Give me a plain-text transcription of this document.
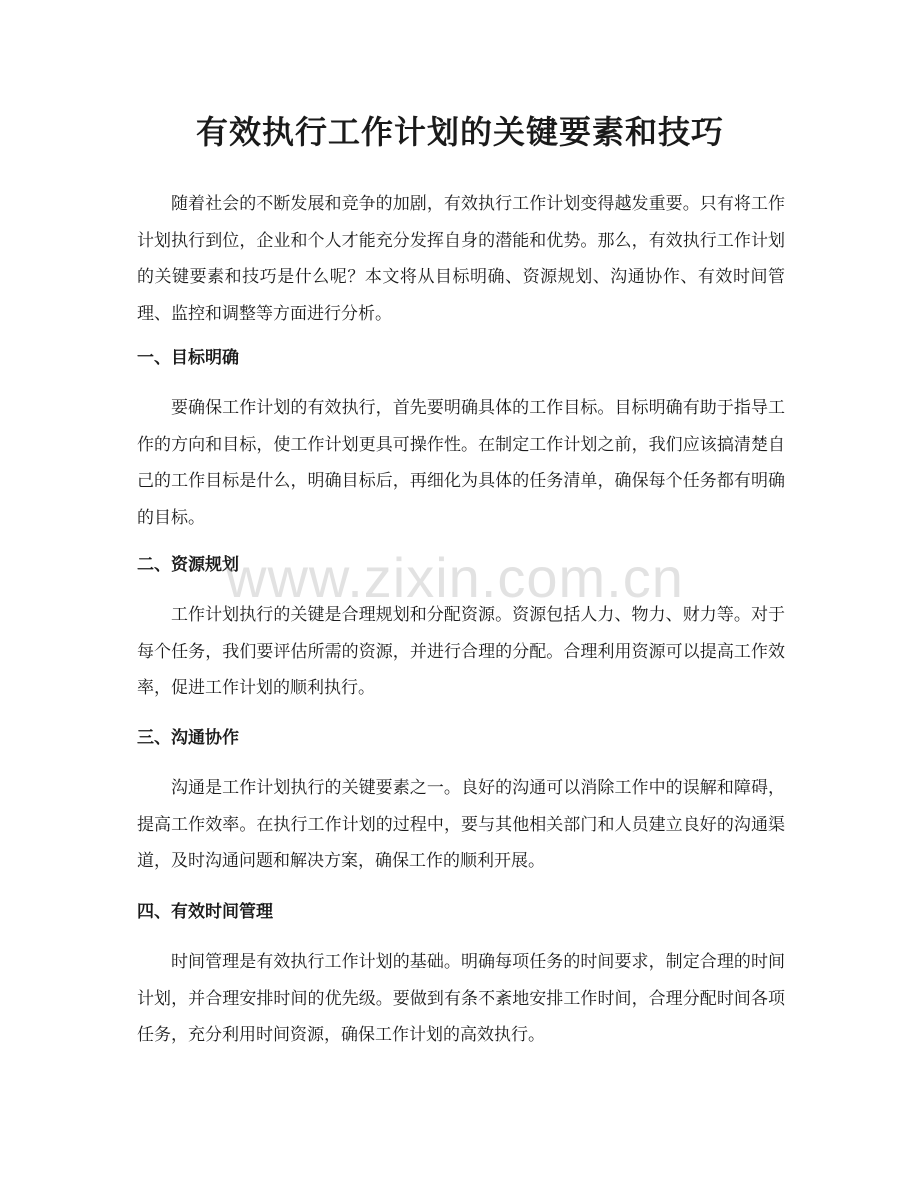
有效执行工作计划的关键要素和技巧

随着社会的不断发展和竞争的加剧，有效执行工作计划变得越发重要。只有将工作计划执行到位，企业和个人才能充分发挥自身的潜能和优势。那么，有效执行工作计划的关键要素和技巧是什么呢？本文将从目标明确、资源规划、沟通协作、有效时间管理、监控和调整等方面进行分析。

一、目标明确

要确保工作计划的有效执行，首先要明确具体的工作目标。目标明确有助于指导工作的方向和目标，使工作计划更具可操作性。在制定工作计划之前，我们应该搞清楚自己的工作目标是什么，明确目标后，再细化为具体的任务清单，确保每个任务都有明确的目标。

二、资源规划

工作计划执行的关键是合理规划和分配资源。资源包括人力、物力、财力等。对于每个任务，我们要评估所需的资源，并进行合理的分配。合理利用资源可以提高工作效率，促进工作计划的顺利执行。

三、沟通协作

沟通是工作计划执行的关键要素之一。良好的沟通可以消除工作中的误解和障碍，提高工作效率。在执行工作计划的过程中，要与其他相关部门和人员建立良好的沟通渠道，及时沟通问题和解决方案，确保工作的顺利开展。

四、有效时间管理

时间管理是有效执行工作计划的基础。明确每项任务的时间要求，制定合理的时间计划，并合理安排时间的优先级。要做到有条不紊地安排工作时间，合理分配时间各项任务，充分利用时间资源，确保工作计划的高效执行。

www.zixin.com.cn
